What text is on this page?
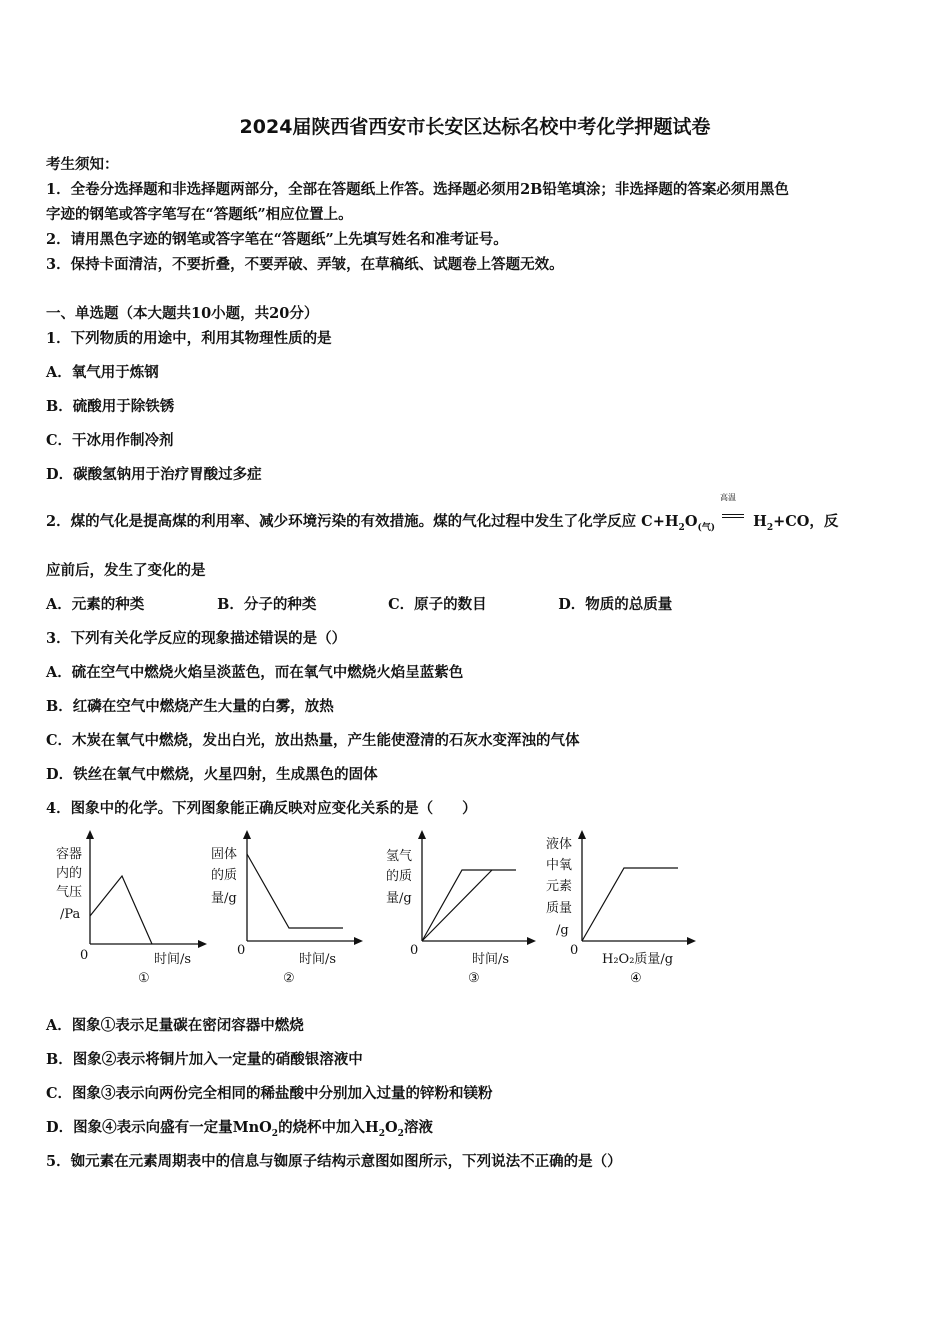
2024届陕西省西安市长安区达标名校中考化学押题试卷
考生须知：
1．全卷分选择题和非选择题两部分，全部在答题纸上作答。选择题必须用2B铅笔填涂；非选择题的答案必须用黑色
字迹的钢笔或答字笔写在“答题纸”相应位置上。
2．请用黑色字迹的钢笔或答字笔在“答题纸”上先填写姓名和准考证号。
3．保持卡面清洁，不要折叠，不要弄破、弄皱，在草稿纸、试题卷上答题无效。
一、单选题（本大题共10小题，共20分）
1．下列物质的用途中，利用其物理性质的是
A．氧气用于炼钢
B．硫酸用于除铁锈
C．干冰用作制冷剂
D．碳酸氢钠用于治疗胃酸过多症
2．煤的气化是提高煤的利用率、减少环境污染的有效措施。煤的气化过程中发生了化学反应 $C+H_2O_{(气)}$
高温
$H_2+CO$，反
应前后，发生了变化的是
A．元素的种类	B．分子的种类	C．原子的数目	D．物质的总质量
3．下列有关化学反应的现象描述错误的是（）
A．硫在空气中燃烧火焰呈淡蓝色，而在氧气中燃烧火焰呈蓝紫色
B．红磷在空气中燃烧产生大量的白雾，放热
C．木炭在氧气中燃烧，发出白光，放出热量，产生能使澄清的石灰水变浑浊的气体
D．铁丝在氧气中燃烧，火星四射，生成黑色的固体
4．图象中的化学。下列图象能正确反映对应变化关系的是（　　）
容器
内的
气压
/Pa
0	时间/s
①
固体
的质
量/g
0
时间/s
②
氢气
的质
量/g
0
时间/s
③
液体
中氧
元素
质量
/g
0
H₂O₂质量/g
④
A．图象①表示足量碳在密闭容器中燃烧
B．图象②表示将铜片加入一定量的硝酸银溶液中
C．图象③表示向两份完全相同的稀盐酸中分别加入过量的锌粉和镁粉
D．图象④表示向盛有一定量MnO$_2$的烧杯中加入$H_2O_2$溶液
5．铷元素在元素周期表中的信息与铷原子结构示意图如图所示，下列说法不正确的是（）
